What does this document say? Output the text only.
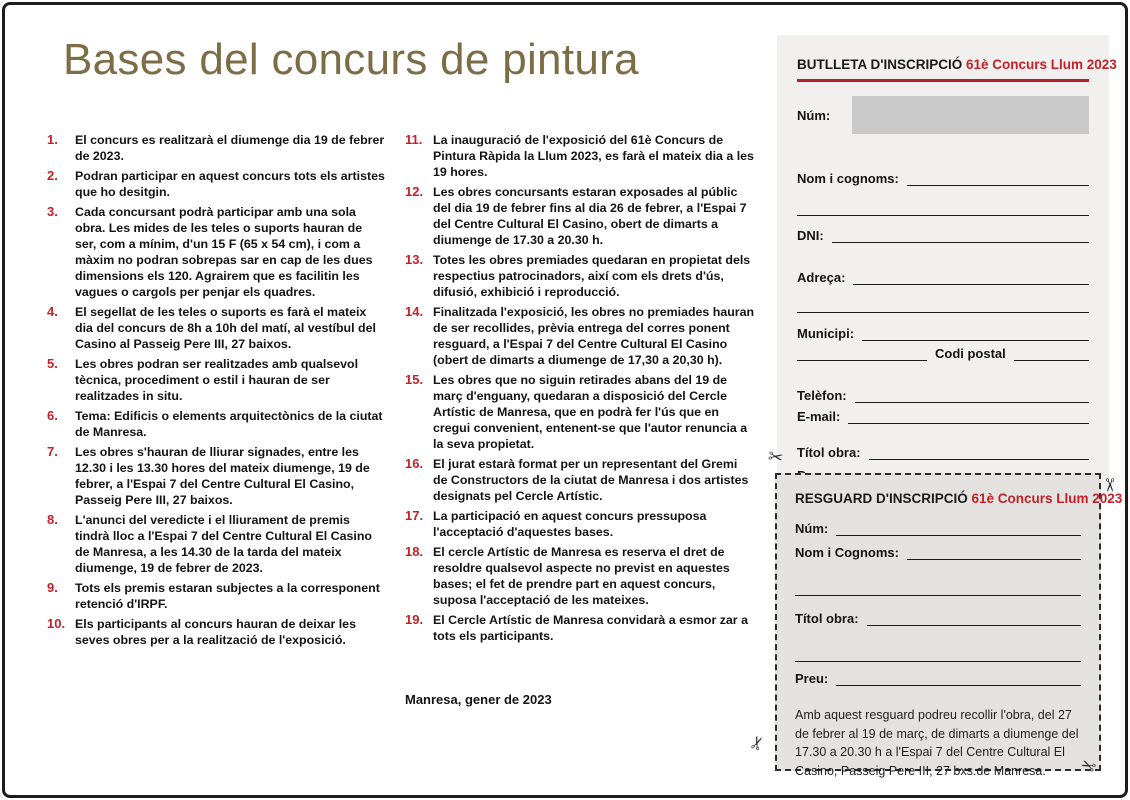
Bases del concurs de pintura
1.	El concurs es realitzarà el diumenge dia 19 de febrer de 2023.
2.	Podran participar en aquest concurs tots els artistes que ho desitgin.
3.	Cada concursant podrà participar amb una sola obra. Les mides de les teles o suports hauran de ser, com a mínim, d'un 15 F (65 x 54 cm), i com a màxim no podran sobrepas sar en cap de les dues dimensions els 120. Agrairem que es facilitin les vagues o cargols per penjar els quadres.
4.	El segellat de les teles o suports es farà el mateix dia del concurs de 8h a 10h del matí, al vestíbul del Casino al Passeig Pere III, 27 baixos.
5.	Les obres podran ser realitzades amb qualsevol tècnica, procediment o estil i hauran de ser realitzades in situ.
6.	Tema: Edificis o elements arquitectònics de la ciutat de Manresa.
7.	Les obres s'hauran de lliurar signades, entre les 12.30 i les 13.30 hores del mateix diumenge, 19 de febrer, a l'Espai 7 del Centre Cultural El Casino, Passeig Pere III, 27 baixos.
8.	L'anunci del veredicte i el lliurament de premis tindrà lloc a l'Espai 7 del Centre Cultural El Casino de Manresa, a les 14.30 de la tarda del mateix diumenge, 19 de febrer de 2023.
9.	Tots els premis estaran subjectes a la corresponent retenció d'IRPF.
10. Els participants al concurs hauran de deixar les seves obres per a la realització de l'exposició.
11. La inauguració de l'exposició del 61è Concurs de Pintura Ràpida la Llum 2023, es farà el mateix dia a les 19 hores.
12. Les obres concursants estaran exposades al públic del dia 19 de febrer fins al dia 26 de febrer, a l'Espai 7 del Centre Cultural El Casino, obert de dimarts a diumenge de 17.30 a 20.30 h.
13. Totes les obres premiades quedaran en propietat dels respectius patrocinadors, així com els drets d'ús, difusió, exhibició i reproducció.
14. Finalitzada l'exposició, les obres no premiades hauran de ser recollides, prèvia entrega del corres ponent resguard, a l'Espai 7 del Centre Cultural El Casino (obert de dimarts a diumenge de 17,30 a 20,30 h).
15. Les obres que no siguin retirades abans del 19 de març d'enguany, quedaran a disposició del Cercle Artístic de Manresa, que en podrà fer l'ús que en cregui convenient, entenent-se que l'autor renuncia a la seva propietat.
16. El jurat estarà format per un representant del Gremi de Constructors de la ciutat de Manresa i dos artistes designats pel Cercle Artístic.
17. La participació en aquest concurs pressuposa l'acceptació d'aquestes bases.
18. El cercle Artístic de Manresa es reserva el dret de resoldre qualsevol aspecte no previst en aquestes bases; el fet de prendre part en aquest concurs, suposa l'acceptació de les mateixes.
19. El Cercle Artístic de Manresa convidarà a esmor zar a tots els participants.
Manresa, gener de 2023
BUTLLETA D'INSCRIPCIÓ 61è Concurs Llum 2023
Núm:
Nom i cognoms:
DNI:
Adreça:
Municipi:
Codi postal
Telèfon:
E-mail:
Títol obra:
RESGUARD D'INSCRIPCIÓ 61è Concurs Llum 2023
Núm:
Nom i Cognoms:
Títol obra:
Preu:
Amb aquest resguard podreu recollir l'obra, del 27 de febrer al 19 de març, de dimarts a diumenge del 17.30 a 20.30 h a l'Espai 7 del Centre Cultural El Casino, Passeig Pere III, 27 bxs.de Manresa.
✂
✂
✂
✂
